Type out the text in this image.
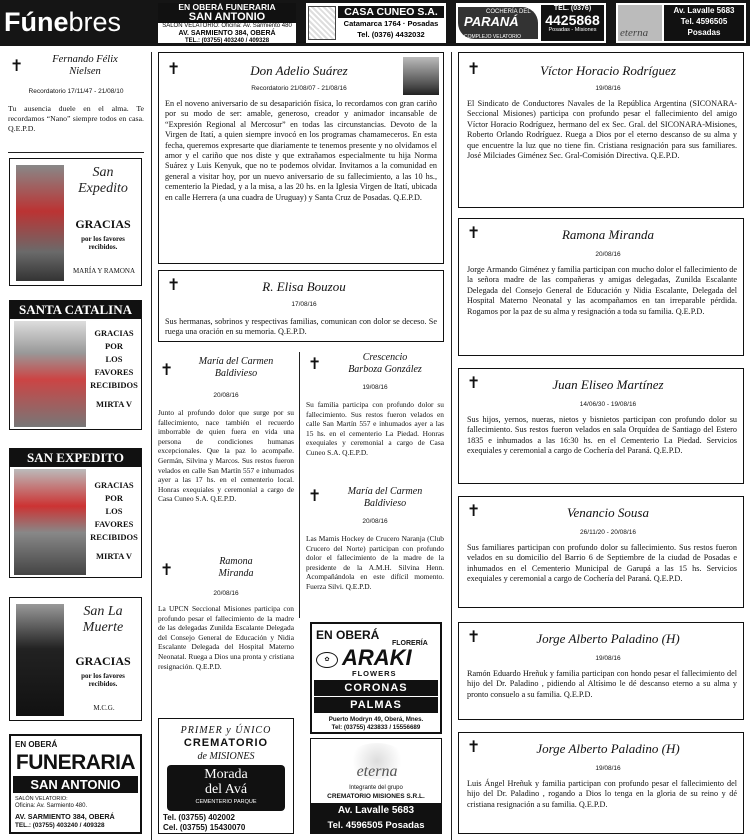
Fúnebres	EN OBERÁ FUNERARIA
SAN ANTONIO
SALÓN VELATORIO: Oficina: Av. Sarmiento 480
AV. SARMIENTO 384, OBERÁ
TEL.: (03755) 403240 / 409328
CASA CUNEO S.A.
Catamarca 1764 · Posadas
Tel. (0376) 4432032
COCHERÍA DEL
PARANÁ
COMPLEJO VELATORIO
TEL. (0376)
4425868
Posadas - Misiones	eterna
Av. Lavalle 5683
Tel. 4596505
Posadas
✝	Fernando Félix
Nielsen
Recordatorio 17/11/47 - 21/08/10
Tu ausencia duele en el alma. Te recordamos “Nano” siempre todos en casa. Q.E.P.D.
San
Expedito
GRACIAS
por los favores recibidos.
MARÍA Y RAMONA
SANTA CATALINA
GRACIAS
POR
LOS
FAVORES
RECIBIDOS
MIRTA V
SAN EXPEDITO
GRACIAS
POR
LOS
FAVORES
RECIBIDOS
MIRTA V
San La
Muerte
GRACIAS
por los favores recibidos.
M.C.G.
EN OBERÁ
FUNERARIA
SAN ANTONIO
SALÓN VELATORIO:
Oficina: Av. Sarmiento 480.
AV. SARMIENTO 384, OBERÁ
TEL.: (03755) 403240 / 409328
✝	Don Adelio Suárez
Recordatorio 21/08/07 - 21/08/16
En el noveno aniversario de su desaparición física, lo recordamos con gran cariño por su modo de ser: amable, generoso, creador y animador incansable de “Expresión Regional al Mercosur” en todas las circunstancias. Devoto de la Virgen de Itatí, a quien siempre invocó en los programas chamameceros. En esta fecha, queremos expresarte que diariamente te tenemos presente y no olvidamos el amor y el cariño que nos diste y que extrañamos especialmente tu hija Norma Suárez y Luis Kenyuk, que no te podemos olvidar. Invitamos a la comunidad en general a visitar hoy, por un nuevo aniversario de su fallecimiento, a las 10 hs., cementerio la Piedad, y a la misa, a las 20 hs. en la Iglesia Virgen de Itatí, ubicada en calle Herrera (a una cuadra de Uruguay) y Santa Cruz de Posadas. Q.E.P.D.
✝	R. Elisa Bouzou
17/08/16
Sus hermanas, sobrinos y respectivas familias, comunican con dolor se deceso. Se ruega una oración en su memoria. Q.E.P.D.
✝	María del Carmen
Baldivieso
20/08/16
Junto al profundo dolor que surge por su fallecimiento, nace también el recuerdo imborrable de quien fuera en vida una persona de condiciones humanas excepcionales. Que la paz lo acompañe. Germán, Silvina y Marcos. Sus restos fueron velados en calle San Martín 557 e inhumados ayer a las 17 hs. en el cementerio local. Honras exequiales y ceremonial a cargo de Casa Cuneo S.A. Q.E.P.D.
✝	Ramona
Miranda
20/08/16
La UPCN Seccional Misiones participa con profundo pesar el fallecimiento de la madre de las delegadas Zunilda Escalante Delegada del Consejo General de Educación y Nidia Escalante Delegada del Hospital Materno Neonatal. Ruega a Dios una pronta y cristiana resignación. Q.E.P.D.
✝	Crescencio
Barboza González
19/08/16
Su familia participa con profundo dolor su fallecimiento. Sus restos fueron velados en calle San Martín 557 e inhumados ayer a las 15 hs. en el cementerio La Piedad. Honras exequiales y ceremonial a cargo de Casa Cuneo S.A. Q.E.P.D.
✝	María del Carmen
Baldivieso
20/08/16
Las Mamis Hockey de Crucero Naranja (Club Crucero del Norte) participan con profundo dolor el fallecimiento de la madre de la presidente de la A.M.H. Silvina Henn. Acompañándola en este difícil momento. Fuerza Silvi. Q.E.P.D.
EN OBERÁ
FLORERÍA
✿ ARAKI
FLOWERS
CORONAS
PALMAS
Puerto Modryn 49, Oberá, Mnes.
Tel: (03755) 423833 / 15556689
PRIMER y ÚNICO
CREMATORIO
de MISIONES
Morada
del Avá
CEMENTERIO PARQUE
Tel. (03755) 402002
Cel. (03755) 15430070
eterna
Integrante del grupo
CREMATORIO MISIONES S.R.L.
Av. Lavalle 5683
Tel. 4596505 Posadas
✝	Víctor Horacio Rodríguez
19/08/16
El Sindicato de Conductores Navales de la República Argentina (SICONARA-Seccional Misiones) participa con profundo pesar el fallecimiento del amigo Víctor Horacio Rodríguez, hermano del ex Sec. Gral. del SICONARA-Misiones, Roberto Orlando Rodríguez. Ruega a Dios por el eterno descanso de su alma y que encuentre la luz que no tiene fin. Cristiana resignación para sus familiares. José Milciades Giménez Sec. Gral-Comisión Directiva. Q.E.P.D.
✝	Ramona Miranda
20/08/16
Jorge Armando Giménez y familia participan con mucho dolor el fallecimiento de la señora madre de las compañeras y amigas delegadas, Zunilda Escalante Delegada del Consejo General de Educación y Nidia Escalante, Delegada del Hospital Materno Neonatal y las acompañamos en tan irreparable pérdida. Rogamos por la paz de su alma y resignación a toda su familia. Q.E.P.D.
✝	Juan Eliseo Martínez
14/06/30 - 19/08/16
Sus hijos, yernos, nueras, nietos y bisnietos participan con profundo dolor su fallecimiento. Sus restos fueron velados en sala Orquídea de Santiago del Estero 1835 e inhumados a las 16:30 hs. en el Cementerio La Piedad. Servicios exequiales y ceremonial a cargo de Cochería del Paraná. Q.E.P.D.
✝	Venancio Sousa
26/11/20 - 20/08/16
Sus familiares participan con profundo dolor su fallecimiento. Sus restos fueron velados en su domicilio del Barrio 6 de Septiembre de la ciudad de Posadas e inhumados en el Cementerio Municipal de Garupá a las 15 hs. Servicios exequiales y ceremonial a cargo de Cochería del Paraná. Q.E.P.D.
✝	Jorge Alberto Paladino (H)
19/08/16
Ramón Eduardo Hreñuk y familia participan con hondo pesar el fallecimiento del hijo del Dr. Paladino , pidiendo al Altísimo le dé descanso eterno a su alma y pronto consuelo a su familia. Q.E.P.D.
✝	Jorge Alberto Paladino (H)
19/08/16
Luis Ángel Hreñuk y familia participan con profundo pesar el fallecimiento del hijo del Dr. Paladino , rogando a Dios lo tenga en la gloria de su reino y dé cristiana resignación a su familia. Q.E.P.D.
